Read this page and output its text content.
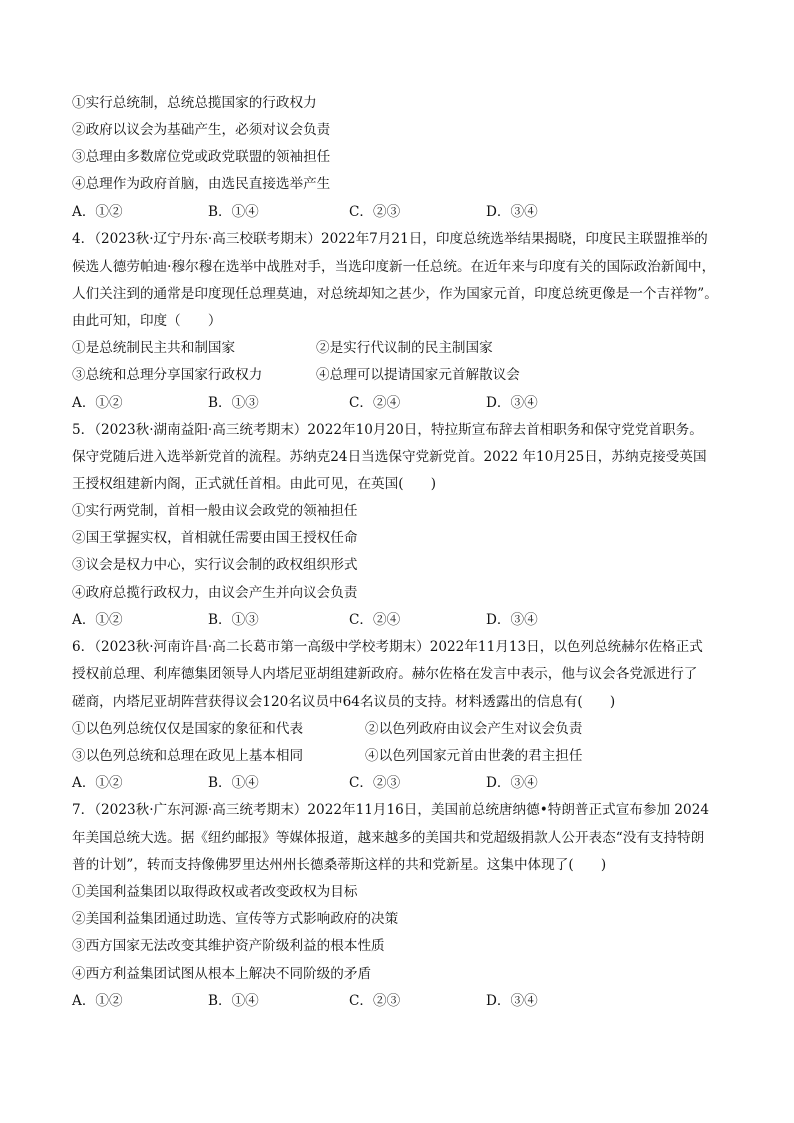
①实行总统制，总统总揽国家的行政权力
②政府以议会为基础产生，必须对议会负责
③总理由多数席位党或政党联盟的领袖担任
④总理作为政府首脑，由选民直接选举产生
A．①②	B．①④	C．②③	D．③④
4．（2023秋·辽宁丹东·高三校联考期末）2022年7月21日，印度总统选举结果揭晓，印度民主联盟推举的
候选人德劳帕迪·穆尔穆在选举中战胜对手，当选印度新一任总统。在近年来与印度有关的国际政治新闻中，
人们关注到的通常是印度现任总理莫迪，对总统却知之甚少，作为国家元首，印度总统更像是一个吉祥物”。
由此可知，印度（　　）
①是总统制民主共和制国家	②是实行代议制的民主制国家
③总统和总理分享国家行政权力	④总理可以提请国家元首解散议会
A．①②	B．①③	C．②④	D．③④
5．（2023秋·湖南益阳·高三统考期末）2022年10月20日，特拉斯宣布辞去首相职务和保守党党首职务。
保守党随后进入选举新党首的流程。苏纳克24日当选保守党新党首。2022 年10月25日，苏纳克接受英国
王授权组建新内阁，正式就任首相。由此可见，在英国(　　)
①实行两党制，首相一般由议会政党的领袖担任
②国王掌握实权，首相就任需要由国王授权任命
③议会是权力中心，实行议会制的政权组织形式
④政府总揽行政权力，由议会产生并向议会负责
A．①②	B．①③	C．②④	D．③④
6．（2023秋·河南许昌·高二长葛市第一高级中学校考期末）2022年11月13日，以色列总统赫尔佐格正式
授权前总理、利库德集团领导人内塔尼亚胡组建新政府。赫尔佐格在发言中表示，他与议会各党派进行了
磋商，内塔尼亚胡阵营获得议会120名议员中64名议员的支持。材料透露出的信息有(　　)
①以色列总统仅仅是国家的象征和代表	②以色列政府由议会产生对议会负责
③以色列总统和总理在政见上基本相同	④以色列国家元首由世袭的君主担任
A．①②	B．①④	C．②③	D．③④
7．（2023秋·广东河源·高三统考期末）2022年11月16日，美国前总统唐纳德•特朗普正式宣布参加 2024
年美国总统大选。据《纽约邮报》等媒体报道，越来越多的美国共和党超级捐款人公开表态“没有支持特朗
普的计划”，转而支持像佛罗里达州州长德桑蒂斯这样的共和党新星。这集中体现了(　　)
①美国利益集团以取得政权或者改变政权为目标
②美国利益集团通过助选、宣传等方式影响政府的决策
③西方国家无法改变其维护资产阶级利益的根本性质
④西方利益集团试图从根本上解决不同阶级的矛盾
A．①②	B．①④	C．②③	D．③④
